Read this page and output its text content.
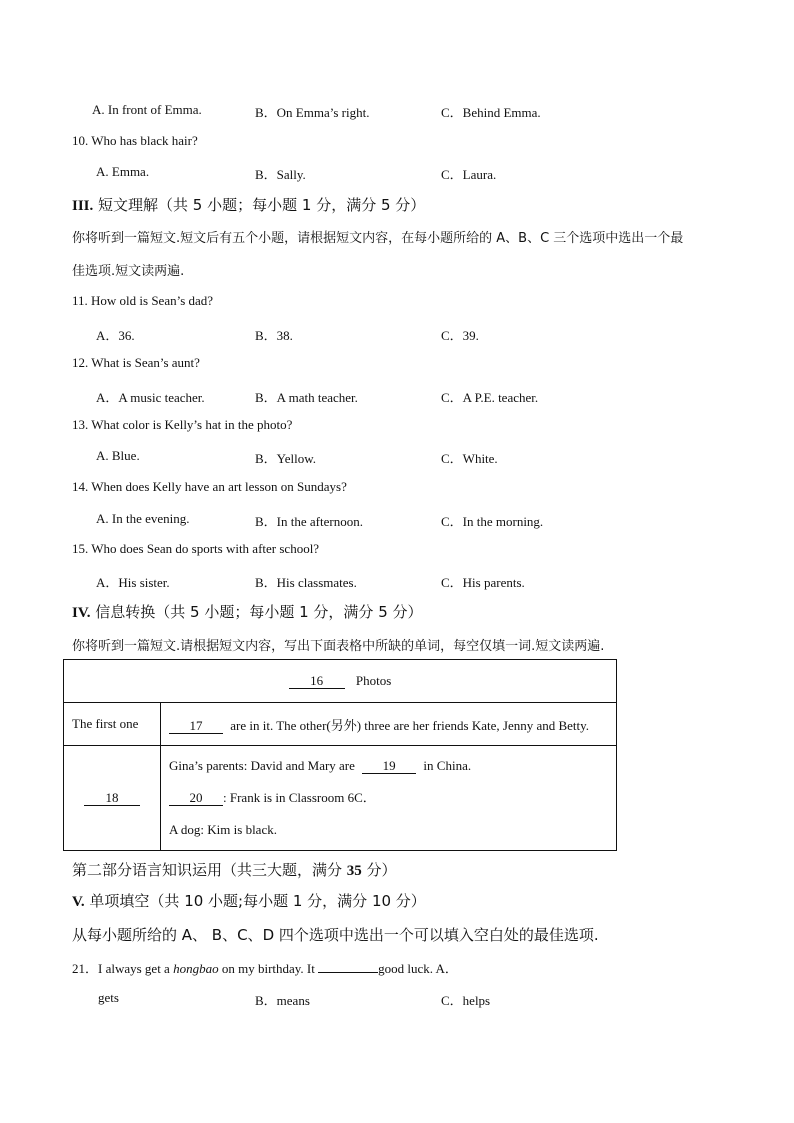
A. In front of Emma.	B．On Emma’s right.	C．Behind Emma.
10. Who has black hair?
A. Emma.	B．Sally.	C．Laura.
III. 短文理解（共 5 小题；每小题 1 分，满分 5 分）
你将听到一篇短文.短文后有五个小题，请根据短文内容，在每小题所给的 A、B、C 三个选项中选出一个最
佳选项.短文读两遍.
11. How old is Sean’s dad?
A．36.	B．38.	C．39.
12. What is Sean’s aunt?
A．A music teacher.	B．A math teacher.	C．A P.E. teacher.
13. What color is Kelly’s hat in the photo?
A. Blue.	B．Yellow.	C．White.
14. When does Kelly have an art lesson on Sundays?
A. In the evening.	B．In the afternoon.	C．In the morning.
15. Who does Sean do sports with after school?
A．His sister.	B．His classmates.	C．His parents.
IV. 信息转换（共 5 小题；每小题 1 分，满分 5 分）
你将听到一篇短文.请根据短文内容，写出下面表格中所缺的单词，每空仅填一词.短文读两遍.
16 Photos	
The first one	17 are in it. The other(另外) three are her friends Kate, Jenny and Betty.
18	Gina’s parents: David and Mary are 19 in China.
20 : Frank is in Classroom 6C．
A dog: Kim is black.
第二部分语言知识运用（共三大题，满分 35 分）
V. 单项填空（共 10 小题;每小题 1 分，满分 10 分）
从每小题所给的 A、 B、C、D 四个选项中选出一个可以填入空白处的最佳选项.
21．I always get a hongbao on my birthday. It	good luck. A．
gets	B．means	C．helps
